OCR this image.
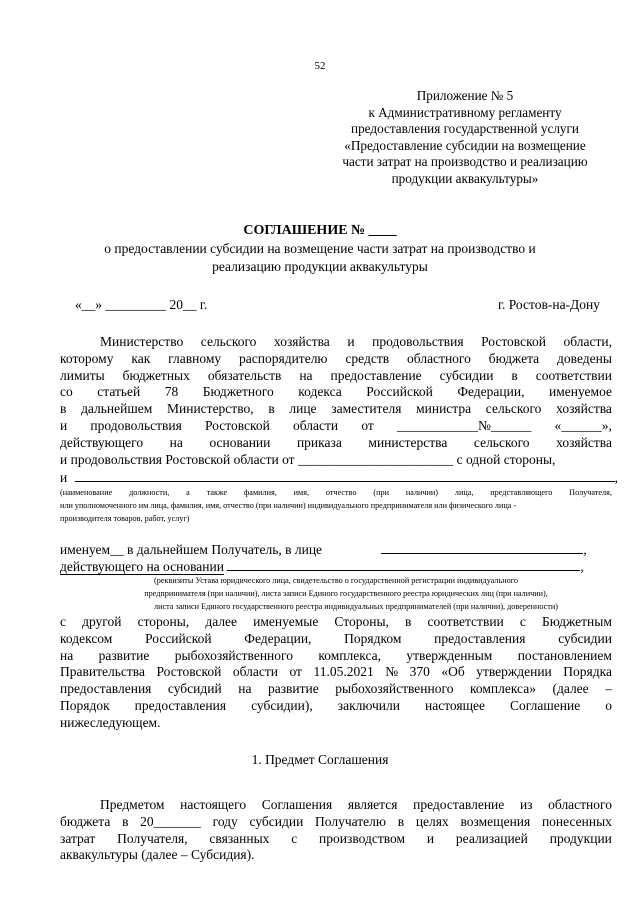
52
Приложение № 5
к Административному регламенту
предоставления государственной услуги
«Предоставление субсидии на возмещение
части затрат на производство и реализацию
продукции аквакультуры»
СОГЛАШЕНИЕ № ____
о предоставлении субсидии на возмещение части затрат на производство и
реализацию продукции аквакультуры
«__» _________ 20__ г.	г. Ростов-на-Дону
Министерство сельского хозяйства и продовольствия Ростовской области,
которому как главному распорядителю средств областного бюджета доведены
лимиты бюджетных обязательств на предоставление субсидии в соответствии
со статьей 78 Бюджетного кодекса Российской Федерации, именуемое
в дальнейшем Министерство, в лице заместителя министра сельского хозяйства
и продовольствия Ростовской области от ____________№______ «______»,
действующего на основании приказа министерства сельского хозяйства
и продовольствия Ростовской области от _______________________ с одной стороны,
и	,
(наименование должности, а также фамилия, имя, отчество (при наличии) лица, представляющего Получателя,
или уполномоченного им лица, фамилия, имя, отчество (при наличии) индивидуального предпринимателя или физического лица -
производителя товаров, работ, услуг)
именуем__ в дальнейшем Получатель, в лице	,
действующего на основании	,
(реквизиты Устава юридического лица, свидетельство о государственной регистрации индивидуального
предпринимателя (при наличии), листа записи Единого государственного реестра юридических лиц (при наличии),
листа записи Единого государственного реестра индивидуальных предпринимателей (при наличии), доверенности)
с другой стороны, далее именуемые Стороны, в соответствии с Бюджетным
кодексом Российской Федерации, Порядком предоставления субсидии
на развитие рыбохозяйственного комплекса, утвержденным постановлением
Правительства Ростовской области от 11.05.2021 № 370 «Об утверждении Порядка
предоставления субсидий на развитие рыбохозяйственного комплекса» (далее –
Порядок предоставления субсидии), заключили настоящее Соглашение о
нижеследующем.
1. Предмет Соглашения
Предметом настоящего Соглашения является предоставление из областного
бюджета в 20_______ году субсидии Получателю в целях возмещения понесенных
затрат Получателя, связанных с производством и реализацией продукции
аквакультуры (далее – Субсидия).
